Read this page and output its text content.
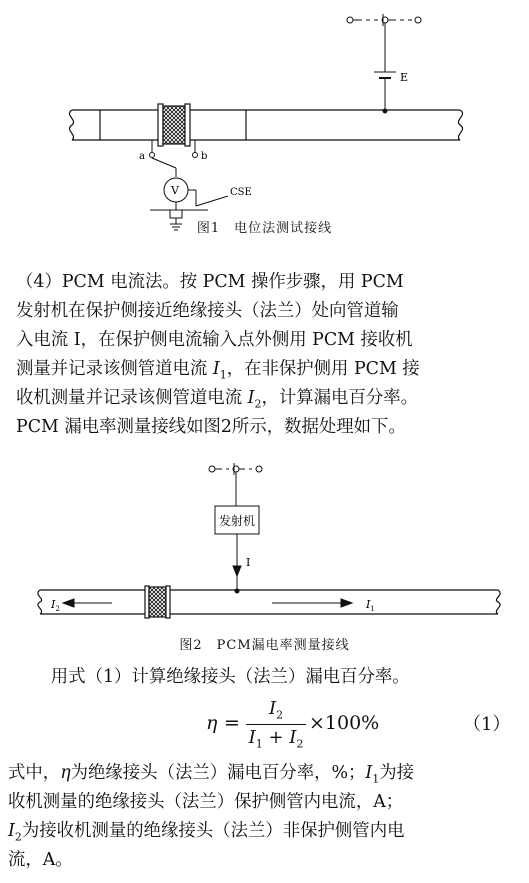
E
a	b
V	CSE
图1　电位法测试接线
（4）PCM 电流法。按 PCM 操作步骤，用 PCM
发射机在保护侧接近绝缘接头（法兰）处向管道输
入电流 I，在保护侧电流输入点外侧用 PCM 接收机
测量并记录该侧管道电流 $I_1$，在非保护侧用 PCM 接
收机测量并记录该侧管道电流 $I_2$，计算漏电百分率。
PCM 漏电率测量接线如图2所示，数据处理如下。
发射机
I
$I_2$	$I_1$
图2　PCM漏电率测量接线
用式（1）计算绝缘接头（法兰）漏电百分率。
η =
$I_2$
$I_1 + I_2$
×100%	（1）
式中，η为绝缘接头（法兰）漏电百分率，%；$I_1$为接
收机测量的绝缘接头（法兰）保护侧管内电流，A；
$I_2$为接收机测量的绝缘接头（法兰）非保护侧管内电
流，A。
